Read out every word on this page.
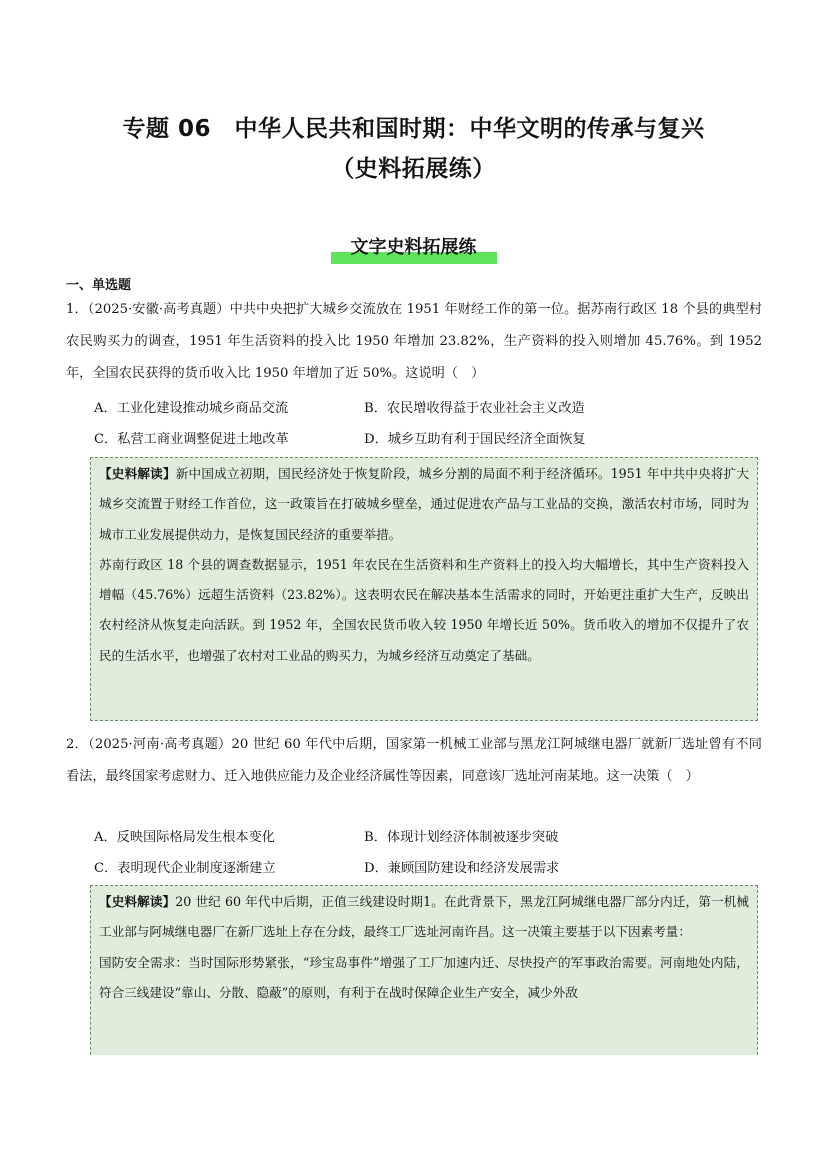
专题 06　中华人民共和国时期：中华文明的传承与复兴
（史料拓展练）
文字史料拓展练
一、单选题
1．（2025·安徽·高考真题）中共中央把扩大城乡交流放在 1951 年财经工作的第一位。据苏南行政区 18 个县的典型村农民购买力的调查，1951 年生活资料的投入比 1950 年增加 23.82%，生产资料的投入则增加 45.76%。到 1952 年，全国农民获得的货币收入比 1950 年增加了近 50%。这说明（　）
A．工业化建设推动城乡商品交流	B．农民增收得益于农业社会主义改造
C．私营工商业调整促进土地改革	D．城乡互助有利于国民经济全面恢复

【史料解读】新中国成立初期，国民经济处于恢复阶段，城乡分割的局面不利于经济循环。1951 年中共中央将扩大城乡交流置于财经工作首位，这一政策旨在打破城乡壁垒，通过促进农产品与工业品的交换，激活农村市场，同时为城市工业发展提供动力，是恢复国民经济的重要举措。

苏南行政区 18 个县的调查数据显示，1951 年农民在生活资料和生产资料上的投入均大幅增长，其中生产资料投入增幅（45.76%）远超生活资料（23.82%）。这表明农民在解决基本生活需求的同时，开始更注重扩大生产，反映出农村经济从恢复走向活跃。到 1952 年，全国农民货币收入较 1950 年增长近 50%。货币收入的增加不仅提升了农民的生活水平，也增强了农村对工业品的购买力，为城乡经济互动奠定了基础。

2．（2025·河南·高考真题）20 世纪 60 年代中后期，国家第一机械工业部与黑龙江阿城继电器厂就新厂选址曾有不同看法，最终国家考虑财力、迁入地供应能力及企业经济属性等因素，同意该厂选址河南某地。这一决策（　）
A．反映国际格局发生根本变化	B．体现计划经济体制被逐步突破
C．表明现代企业制度逐渐建立	D．兼顾国防建设和经济发展需求

【史料解读】20 世纪 60 年代中后期，正值三线建设时期1。在此背景下，黑龙江阿城继电器厂部分内迁，第一机械工业部与阿城继电器厂在新厂选址上存在分歧，最终工厂选址河南许昌。这一决策主要基于以下因素考量：

国防安全需求：当时国际形势紧张，“珍宝岛事件”增强了工厂加速内迁、尽快投产的军事政治需要。河南地处内陆，符合三线建设“靠山、分散、隐蔽”的原则，有利于在战时保障企业生产安全，减少外敌
